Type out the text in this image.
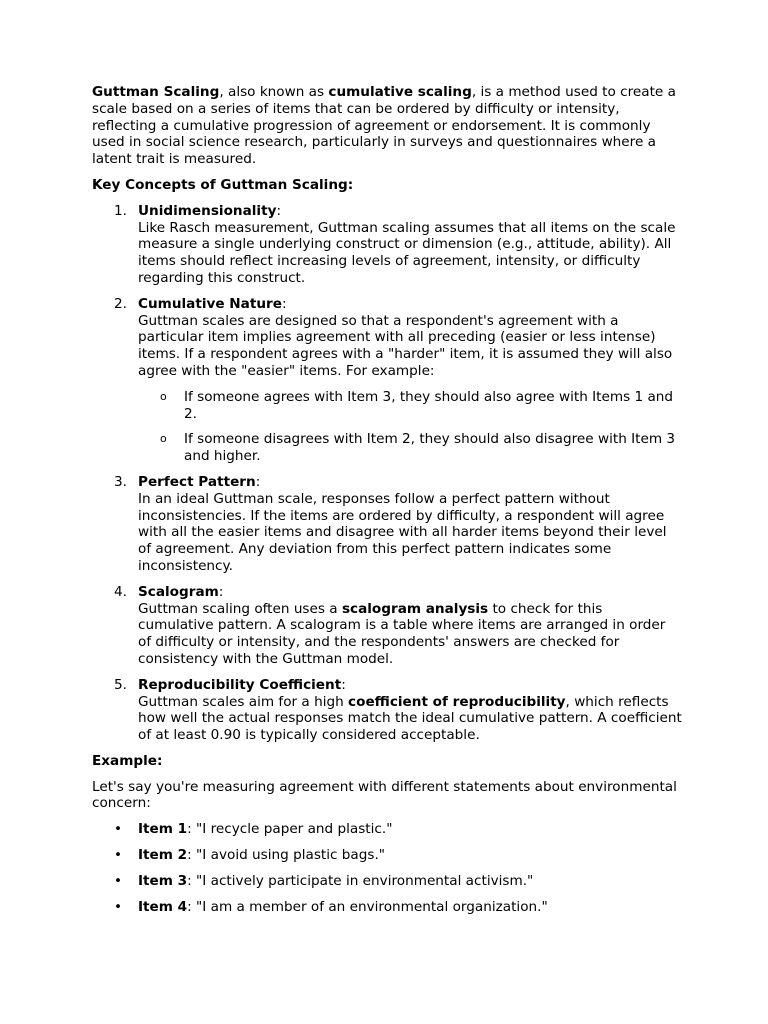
Guttman Scaling, also known as cumulative scaling, is a method used to create a scale based on a series of items that can be ordered by difficulty or intensity, reflecting a cumulative progression of agreement or endorsement. It is commonly used in social science research, particularly in surveys and questionnaires where a latent trait is measured.

Key Concepts of Guttman Scaling:

1. Unidimensionality:
Like Rasch measurement, Guttman scaling assumes that all items on the scale measure a single underlying construct or dimension (e.g., attitude, ability). All items should reflect increasing levels of agreement, intensity, or difficulty regarding this construct.
2. Cumulative Nature:
Guttman scales are designed so that a respondent's agreement with a particular item implies agreement with all preceding (easier or less intense) items. If a respondent agrees with a "harder" item, it is assumed they will also agree with the "easier" items. For example:
o If someone agrees with Item 3, they should also agree with Items 1 and 2.
o If someone disagrees with Item 2, they should also disagree with Item 3 and higher.
3. Perfect Pattern:
In an ideal Guttman scale, responses follow a perfect pattern without inconsistencies. If the items are ordered by difficulty, a respondent will agree with all the easier items and disagree with all harder items beyond their level of agreement. Any deviation from this perfect pattern indicates some inconsistency.
4. Scalogram:
Guttman scaling often uses a scalogram analysis to check for this cumulative pattern. A scalogram is a table where items are arranged in order of difficulty or intensity, and the respondents' answers are checked for consistency with the Guttman model.
5. Reproducibility Coefficient:
Guttman scales aim for a high coefficient of reproducibility, which reflects how well the actual responses match the ideal cumulative pattern. A coefficient of at least 0.90 is typically considered acceptable.

Example:

Let's say you're measuring agreement with different statements about environmental concern:

• Item 1: "I recycle paper and plastic."
• Item 2: "I avoid using plastic bags."
• Item 3: "I actively participate in environmental activism."
• Item 4: "I am a member of an environmental organization."
